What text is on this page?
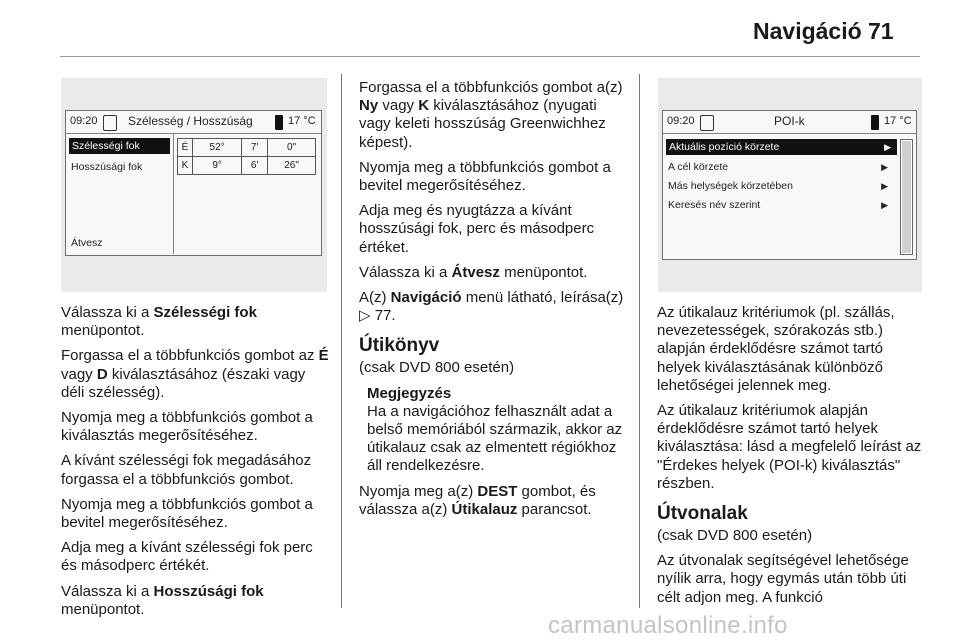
Navigáció 71
09:20	Szélesség / Hosszúság	17 °C
Szélességi fok
Hosszúsági fok
Átvesz
É	52°	7'	0"
K	9°	6'	26"
09:20	POI-k	17 °C
Aktuális pozíció körzete	▶
A cél körzete	▶
Más helységek körzetében	▶
Keresés név szerint	▶

Válassza ki a Szélességi fok
menüpontot.

Forgassa el a többfunkciós gombot az É vagy D kiválasztásához (északi vagy déli szélesség).

Nyomja meg a többfunkciós gombot a kiválasztás megerősítéséhez.

A kívánt szélességi fok megadásához forgassa el a többfunkciós gombot.

Nyomja meg a többfunkciós gombot a bevitel megerősítéséhez.

Adja meg a kívánt szélességi fok perc és másodperc értékét.

Válassza ki a Hosszúsági fok
menüpontot.

Forgassa el a többfunkciós gombot a(z) Ny vagy K kiválasztásához (nyugati vagy keleti hosszúság Greenwichhez képest).

Nyomja meg a többfunkciós gombot a bevitel megerősítéséhez.

Adja meg és nyugtázza a kívánt hosszúsági fok, perc és másodperc értéket.

Válassza ki a Átvesz menüpontot.

A(z) Navigáció menü látható, leírása(z) ▷ 77.

Útikönyv

(csak DVD 800 esetén)

Megjegyzés
Ha a navigációhoz felhasznált adat a belső memóriából származik, akkor az útikalauz csak az elmentett régiókhoz áll rendelkezésre.

Nyomja meg a(z) DEST gombot, és válassza a(z) Útikalauz parancsot.

Az útikalauz kritériumok (pl. szállás, nevezetességek, szórakozás stb.) alapján érdeklődésre számot tartó helyek kiválasztásának különböző lehetőségei jelennek meg.

Az útikalauz kritériumok alapján érdeklődésre számot tartó helyek kiválasztása: lásd a megfelelő leírást az "Érdekes helyek (POI-k) kiválasztás" részben.

Útvonalak

(csak DVD 800 esetén)

Az útvonalak segítségével lehetősége nyílik arra, hogy egymás után több úti célt adjon meg. A funkció

carmanualsonline.info
